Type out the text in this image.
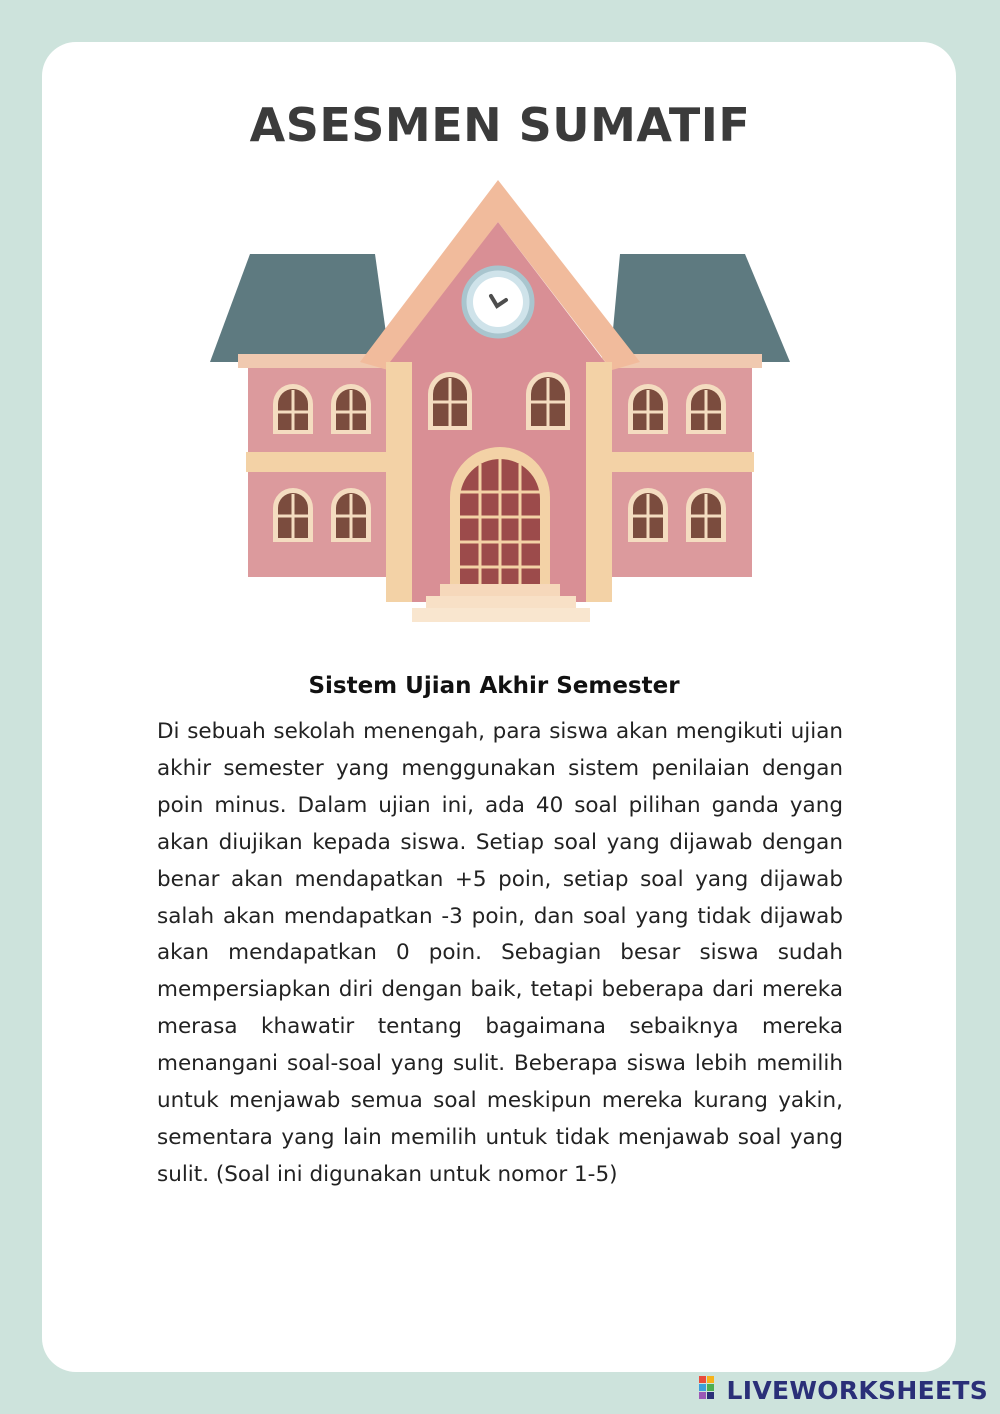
ASESMEN SUMATIF
Sistem Ujian Akhir Semester

Di sebuah sekolah menengah, para siswa akan mengikuti ujian akhir semester yang menggunakan sistem penilaian dengan poin minus. Dalam ujian ini, ada 40 soal pilihan ganda yang akan diujikan kepada siswa. Setiap soal yang dijawab dengan benar akan mendapatkan +5 poin, setiap soal yang dijawab salah akan mendapatkan -3 poin, dan soal yang tidak dijawab akan mendapatkan 0 poin. Sebagian besar siswa sudah mempersiapkan diri dengan baik, tetapi beberapa dari mereka merasa khawatir tentang bagaimana sebaiknya mereka menangani soal-soal yang sulit. Beberapa siswa lebih memilih untuk menjawab semua soal meskipun mereka kurang yakin, sementara yang lain memilih untuk tidak menjawab soal yang sulit. (Soal ini digunakan untuk nomor 1-5)

LIVEWORKSHEETS
